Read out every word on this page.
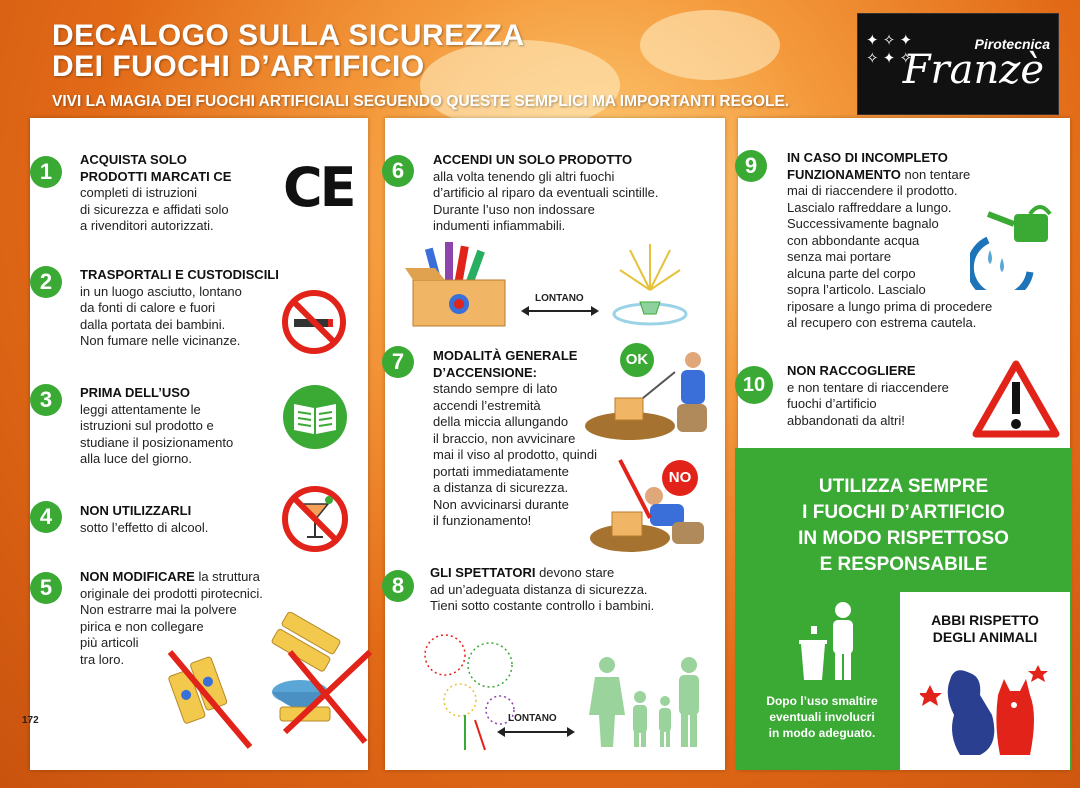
DECALOGO SULLA SICUREZZA
DEI FUOCHI D’ARTIFICIO
VIVI LA MAGIA DEI FUOCHI ARTIFICIALI SEGUENDO QUESTE SEMPLICI MA IMPORTANTI REGOLE.
✦ ✧ ✦
✧ ✦ ✧
Pirotecnica
Franzè
1	ACQUISTA SOLO
PRODOTTI MARCATI CE
completi di istruzioni
di sicurezza e affidati solo
a rivenditori autorizzati.
CE
2	TRASPORTALI E CUSTODISCILI
in un luogo asciutto, lontano
da fonti di calore e fuori
dalla portata dei bambini.
Non fumare nelle vicinanze.
3	PRIMA DELL’USO
leggi attentamente le
istruzioni sul prodotto e
studiane il posizionamento
alla luce del giorno.
4	NON UTILIZZARLI
sotto l’effetto di alcool.
5	NON MODIFICARE la struttura
originale dei prodotti pirotecnici.
Non estrarre mai la polvere
pirica e non collegare
più articoli
tra loro.
172
6	ACCENDI UN SOLO PRODOTTO
alla volta tenendo gli altri fuochi
d’artificio al riparo da eventuali scintille.
Durante l’uso non indossare
indumenti infiammabili.
LONTANO
7	MODALITÀ GENERALE
D’ACCENSIONE:
stando sempre di lato
accendi l’estremità
della miccia allungando
il braccio, non avvicinare
mai il viso al prodotto, quindi
portati immediatamente
a distanza di sicurezza.
Non avvicinarsi durante
il funzionamento!
OK
NO
8
GLI SPETTATORI devono stare
ad un’adeguata distanza di sicurezza.
Tieni sotto costante controllo i bambini.
LONTANO
9	IN CASO DI INCOMPLETO
FUNZIONAMENTO non tentare
mai di riaccendere il prodotto.
Lascialo raffreddare a lungo.
Successivamente bagnalo
con abbondante acqua
senza mai portare
alcuna parte del corpo
sopra l’articolo. Lascialo
riposare a lungo prima di procedere
al recupero con estrema cautela.
10
NON RACCOGLIERE
e non tentare di riaccendere
fuochi d’artificio
abbandonati da altri!
UTILIZZA SEMPRE
I FUOCHI D’ARTIFICIO
IN MODO RISPETTOSO
E RESPONSABILE
Dopo l’uso smaltire
eventuali involucri
in modo adeguato.
ABBI RISPETTO
DEGLI ANIMALI
